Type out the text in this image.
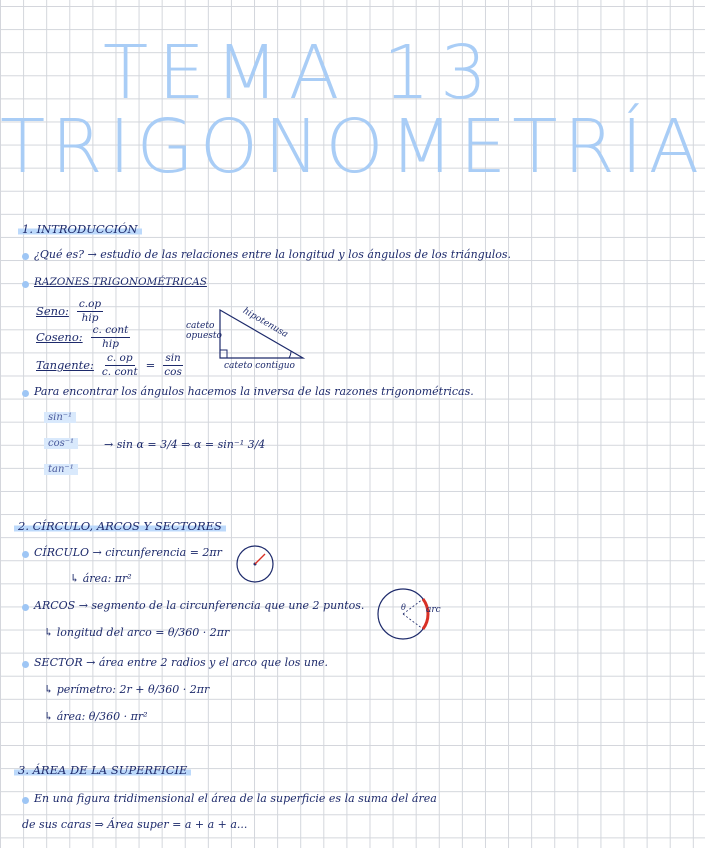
TEMA 13
TRIGONOMETRÍA
1. INTRODUCCIÓN
¿Qué es? → estudio de las relaciones entre la longitud y los ángulos de los triángulos.
RAZONES TRIGONOMÉTRICAS
Seno: $\frac{c.op}{\text{hip}}$
Coseno: $\frac{\text{c. cont}}{\text{hip}}$
Tangente: $\frac{c. op}{\text{c. cont}} = \frac{\sin}{\cos}$
hipotenusa
cateto opuesto
cateto contiguo
Para encontrar los ángulos hacemos la inversa de las razones trigonométricas.
sin⁻¹
cos⁻¹
tan⁻¹
→ sin α = 3/4 ⇒ α = sin⁻¹ 3/4
2. CÍRCULO, ARCOS Y SECTORES
CÍRCULO → circunferencia = 2πr
↳ área: πr²
ARCOS → segmento de la circunferencia que une 2 puntos.
↳ longitud del arco = θ/360 · 2πr
θ arc
SECTOR → área entre 2 radios y el arco que los une.
↳ perímetro: 2r + θ/360 · 2πr
↳ área: θ/360 · πr²
3. ÁREA DE LA SUPERFICIE
En una figura tridimensional el área de la superficie es la suma del área
de sus caras ⇒ Área super = a + a + a...
